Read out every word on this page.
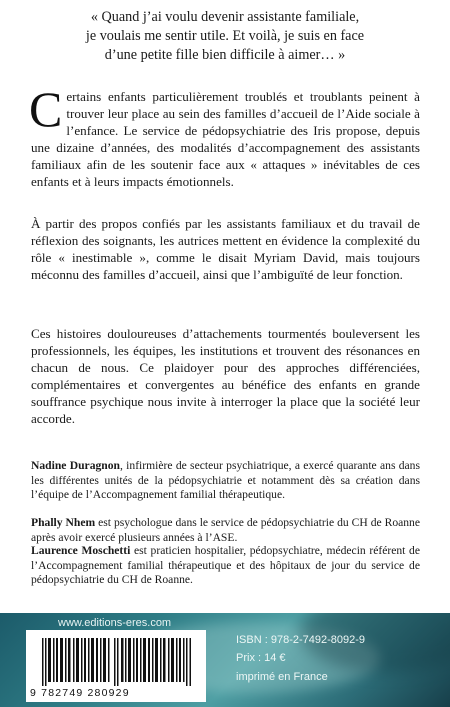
« Quand j’ai voulu devenir assistante familiale,
je voulais me sentir utile. Et voilà, je suis en face
d’une petite fille bien difficile à aimer… »

Certains enfants particulièrement troublés et troublants peinent à trouver leur place au sein des familles d’accueil de l’Aide sociale à l’enfance. Le service de pédopsychiatrie des Iris propose, depuis une dizaine d’années, des modalités d’accompagnement des assistants familiaux afin de les soutenir face aux « attaques » inévitables de ces enfants et à leurs impacts émotionnels.

À partir des propos confiés par les assistants familiaux et du travail de réflexion des soignants, les autrices mettent en évidence la complexité du rôle « inestimable », comme le disait Myriam David, mais toujours méconnu des familles d’accueil, ainsi que l’ambiguïté de leur fonction.

Ces histoires douloureuses d’attachements tourmentés bouleversent les professionnels, les équipes, les institutions et trouvent des résonances en chacun de nous. Ce plaidoyer pour des approches différenciées, complémentaires et convergentes au bénéfice des enfants en grande souffrance psychique nous invite à interroger la place que la société leur accorde.

Nadine Duragnon, infirmière de secteur psychiatrique, a exercé quarante ans dans les différentes unités de la pédopsychiatrie et notamment dès sa création dans l’équipe de l’Accompagnement familial thérapeutique.

Phally Nhem est psychologue dans le service de pédopsychiatrie du CH de Roanne après avoir exercé plusieurs années à l’ASE.

Laurence Moschetti est praticien hospitalier, pédopsychiatre, médecin référent de l’Accompagnement familial thérapeutique et des hôpitaux de jour du service de pédopsychiatrie du CH de Roanne.

www.editions-eres.com
9 782749 280929
ISBN : 978-2-7492-8092-9
Prix : 14 €
imprimé en France
